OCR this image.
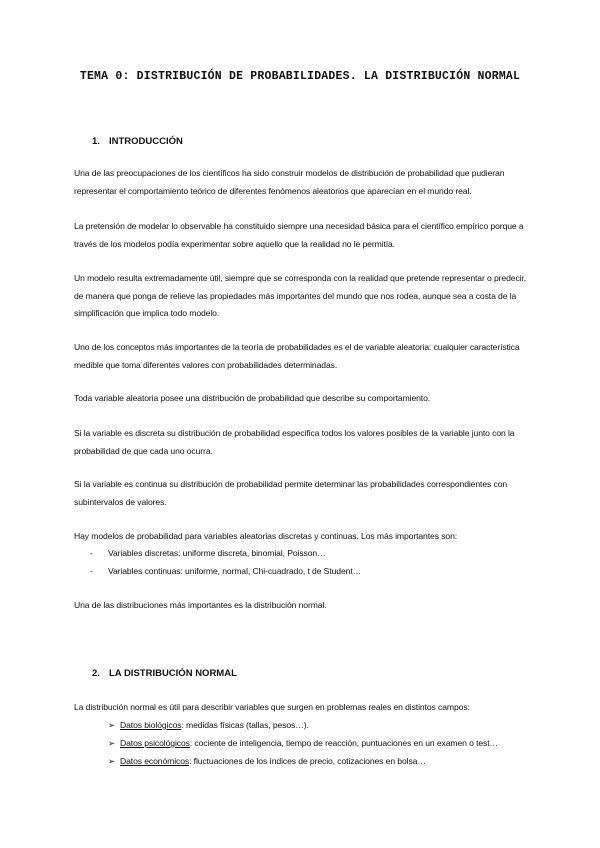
TEMA 0: DISTRIBUCIÓN DE PROBABILIDADES. LA DISTRIBUCIÓN NORMAL
1. INTRODUCCIÓN

Una de las preocupaciones de los científicos ha sido construir modelos de distribución de probabilidad que pudieran representar el comportamiento teórico de diferentes fenómenos aleatorios que aparecían en el mundo real.

La pretensión de modelar lo observable ha constituido siempre una necesidad básica para el científico empírico porque a través de los modelos podía experimentar sobre aquello que la realidad no le permitía.

Un modelo resulta extremadamente útil, siempre que se corresponda con la realidad que pretende representar o predecir, de manera que ponga de relieve las propiedades más importantes del mundo que nos rodea, aunque sea a costa de la simplificación que implica todo modelo.

Uno de los conceptos más importantes de la teoría de probabilidades es el de variable aleatoria: cualquier característica medible que toma diferentes valores con probabilidades determinadas.

Toda variable aleatoria posee una distribución de probabilidad que describe su comportamiento.

Si la variable es discreta su distribución de probabilidad especifica todos los valores posibles de la variable junto con la probabilidad de que cada uno ocurra.

Si la variable es continua su distribución de probabilidad permite determinar las probabilidades correspondientes con subintervalos de valores.

Hay modelos de probabilidad para variables aleatorias discretas y continuas. Los más importantes son:

- Variables discretas: uniforme discreta, binomial, Poisson…
- Variables continuas: uniforme, normal, Chi-cuadrado, t de Student…

Una de las distribuciones más importantes es la distribución normal.

2. LA DISTRIBUCIÓN NORMAL

La distribución normal es útil para describir variables que surgen en problemas reales en distintos campos:

➢ Datos biológicos: medidas físicas (tallas, pesos…).
➢ Datos psicológicos: cociente de inteligencia, tiempo de reacción, puntuaciones en un examen o test…
➢ Datos económicos: fluctuaciones de los índices de precio, cotizaciones en bolsa…
